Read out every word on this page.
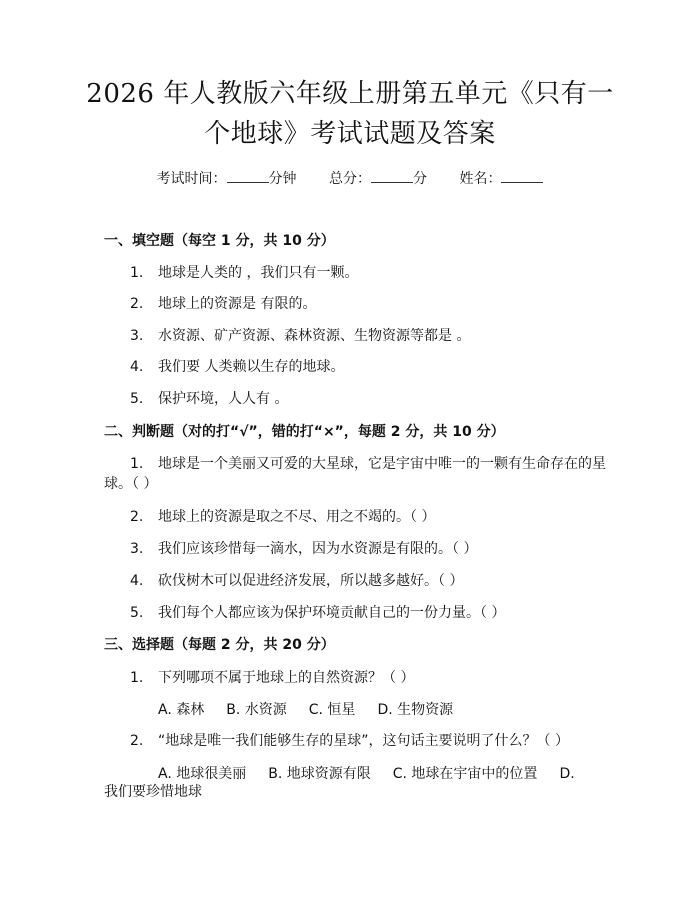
2026 年人教版六年级上册第五单元《只有一
个地球》考试试题及答案
考试时间：	分钟 总分：	分 姓名：
一、填空题（每空 1 分，共 10 分）
1. 地球是人类的 ，我们只有一颗。
2. 地球上的资源是 有限的。
3. 水资源、矿产资源、森林资源、生物资源等都是 。
4. 我们要 人类赖以生存的地球。
5. 保护环境，人人有 。
二、判断题（对的打“√”，错的打“×”，每题 2 分，共 10 分）
1. 地球是一个美丽又可爱的大星球，它是宇宙中唯一的一颗有生命存在的星
球。（ ）
2. 地球上的资源是取之不尽、用之不竭的。（ ）
3. 我们应该珍惜每一滴水，因为水资源是有限的。（ ）
4. 砍伐树木可以促进经济发展，所以越多越好。（ ）
5. 我们每个人都应该为保护环境贡献自己的一份力量。（ ）
三、选择题（每题 2 分，共 20 分）
1. 下列哪项不属于地球上的自然资源？（ ）
A. 森林 B. 水资源 C. 恒星 D. 生物资源
2. “地球是唯一我们能够生存的星球”，这句话主要说明了什么？（ ）
A. 地球很美丽 B. 地球资源有限 C. 地球在宇宙中的位置 D.
我们要珍惜地球
